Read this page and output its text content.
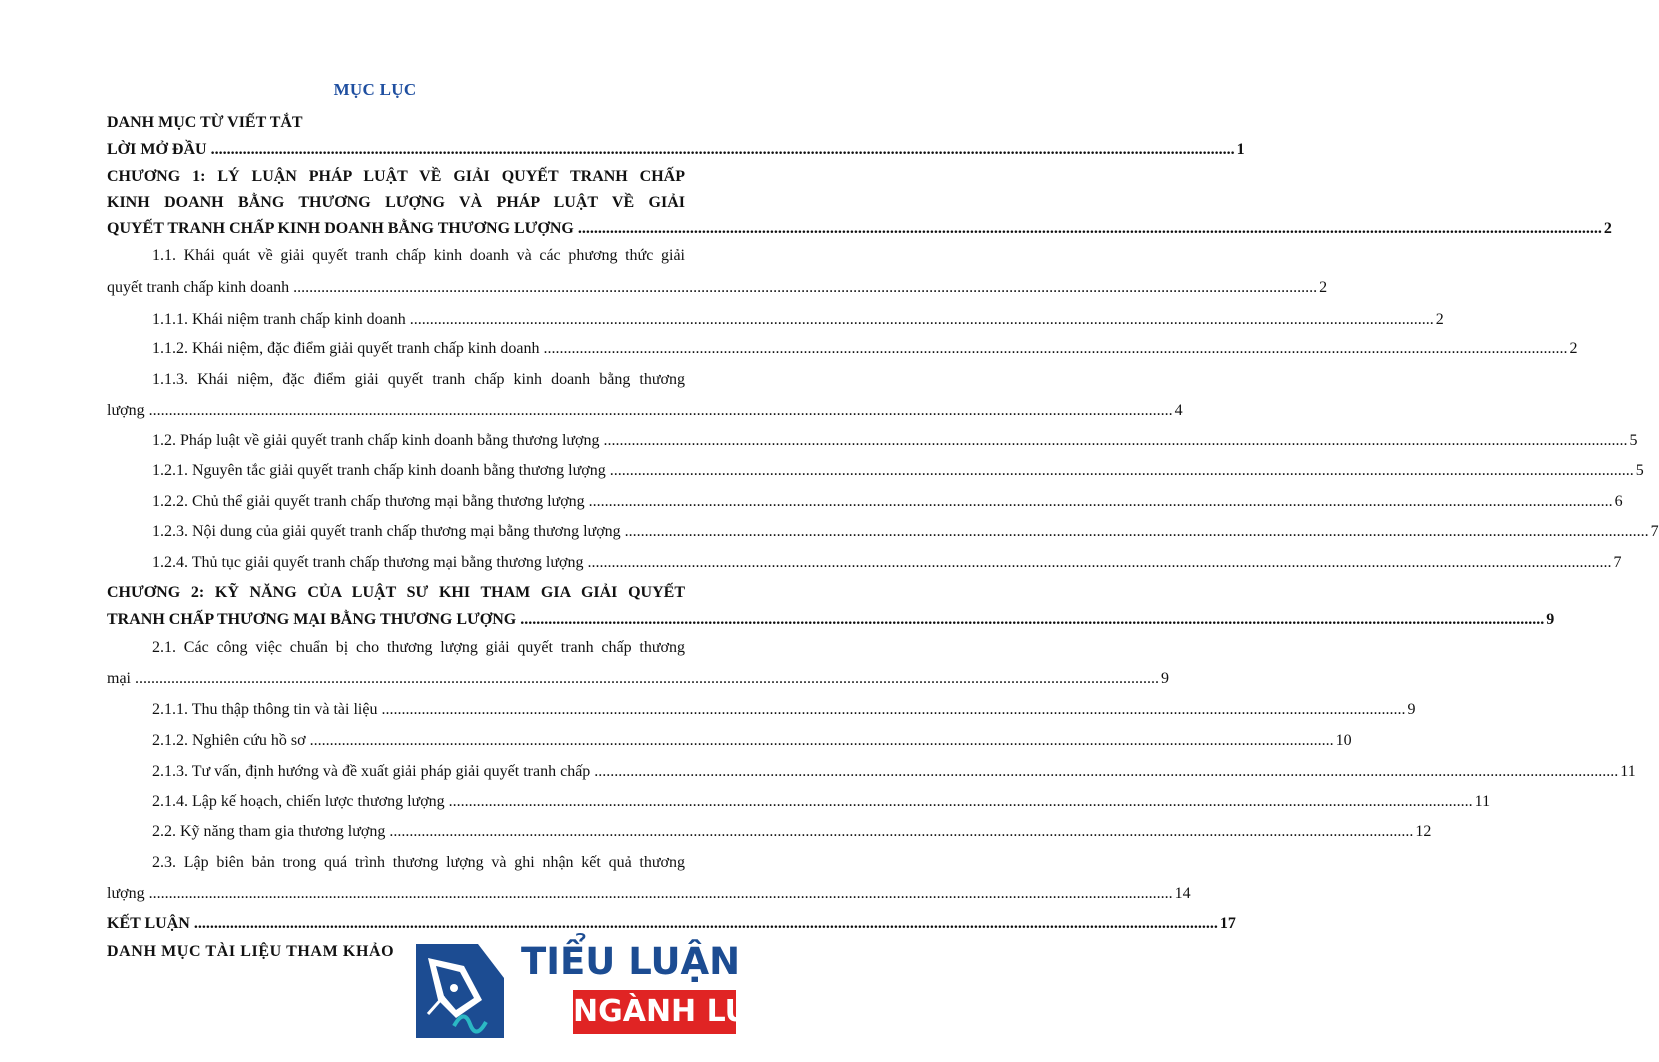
MỤC LỤC
DANH MỤC TỪ VIẾT TẮT
LỜI MỞ ĐẦU .....	1
CHƯƠNG 1: LÝ LUẬN PHÁP LUẬT VỀ GIẢI QUYẾT TRANH CHẤP
KINH DOANH BẰNG THƯƠNG LƯỢNG VÀ PHÁP LUẬT VỀ GIẢI
QUYẾT TRANH CHẤP KINH DOANH BẰNG THƯƠNG LƯỢNG .....	2
1.1. Khái quát về giải quyết tranh chấp kinh doanh và các phương thức giải
quyết tranh chấp kinh doanh .....	2
1.1.1. Khái niệm tranh chấp kinh doanh .....	2
1.1.2. Khái niệm, đặc điểm giải quyết tranh chấp kinh doanh .....	2
1.1.3. Khái niệm, đặc điểm giải quyết tranh chấp kinh doanh bằng thương
lượng .....	4
1.2. Pháp luật về giải quyết tranh chấp kinh doanh bằng thương lượng .....	5
1.2.1. Nguyên tắc giải quyết tranh chấp kinh doanh bằng thương lượng .....	5
1.2.2. Chủ thể giải quyết tranh chấp thương mại bằng thương lượng .....	6
1.2.3. Nội dung của giải quyết tranh chấp thương mại bằng thương lượng .....	7
1.2.4. Thủ tục giải quyết tranh chấp thương mại bằng thương lượng .....	7
CHƯƠNG 2: KỸ NĂNG CỦA LUẬT SƯ KHI THAM GIA GIẢI QUYẾT
TRANH CHẤP THƯƠNG MẠI BẰNG THƯƠNG LƯỢNG .....	9
2.1. Các công việc chuẩn bị cho thương lượng giải quyết tranh chấp thương
mại .....	9
2.1.1. Thu thập thông tin và tài liệu .....	9
2.1.2. Nghiên cứu hồ sơ .....	10
2.1.3. Tư vấn, định hướng và đề xuất giải pháp giải quyết tranh chấp .....	11
2.1.4. Lập kế hoạch, chiến lược thương lượng .....	11
2.2. Kỹ năng tham gia thương lượng .....	12
2.3. Lập biên bản trong quá trình thương lượng và ghi nhận kết quả thương
lượng .....	14
KẾT LUẬN .....	17
DANH MỤC TÀI LIỆU THAM KHẢO	TIỂU LUẬN
NGÀNH LUẬT
